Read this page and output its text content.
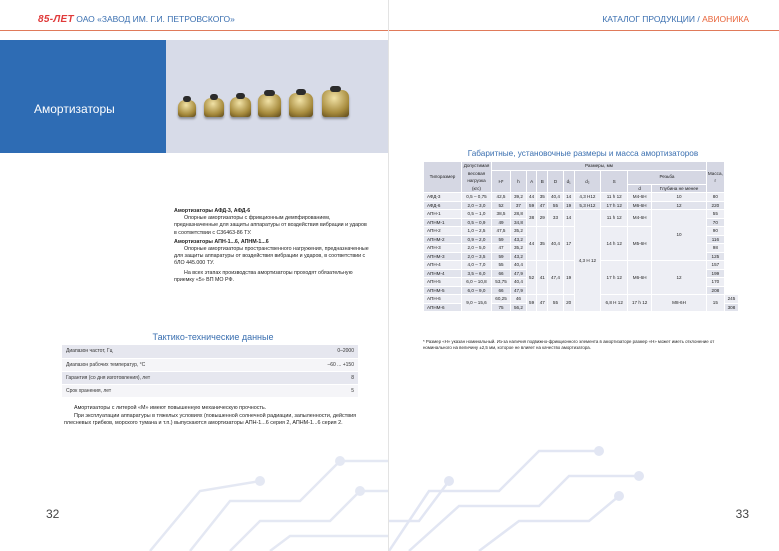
85-ЛЕТ ОАО «ЗАВОД ИМ. Г.И. ПЕТРОВСКОГО»
Амортизаторы
Амортизаторы АФД-3, АФД-6

Опорные амортизаторы с фрикционным демпфированием, предназначенные для защиты аппаратуры от воздействия вибрации и ударов в соответствии с С36463-86 ТУ.

Амортизаторы АПН-1...6, АПНМ-1...6

Опорные амортизаторы пространственного нагружения, предназначенные для защиты аппаратуры от воздействия вибрации и ударов, в соответствии с бЛО 445.000 ТУ.

На всех этапах производства амортизаторы проходят обязательную приемку «5» ВП МО РФ.

Тактико-технические данные
Диапазон частот, Гц	0–2000
Диапазон рабочих температур, °С	–60 ... +150
Гарантия (со дня изготовления), лет	8
Срок хранения, лет	5

Амортизаторы с литерой «М» имеют повышенную механическую прочность.

При эксплуатации аппаратуры в тяжелых условиях (повышенной солнечной радиации, запыленности, действия плесневых грибков, морского тумана и т.п.) выпускаются амортизаторы АПН-1...6 серия 2, АПНМ-1...6 серия 2.

32
КАТАЛОГ ПРОДУКЦИИ / АВИОНИКА
Габаритные, установочные размеры и масса амортизаторов
Типоразмер	Допустимая весовая нагрузка (кгс)	Размеры, мм										Масса, г	
		H*	h	A	B	D	d₁	d₂	S	Резьба			
										d	Глубина не менее		
АФД-3	0,5 – 0,75	42,5	39,2	44	35	40,4	14	4,3 H12	11 h 12	M4-6H	10	80	
АФД-6	2,0 – 3,0	52	37	59	47	55	19	5,3 H12	17 h 12	M6-6H	12	220	
АПН-1	0,5 – 1,0	38,5	28,8	38	29	33	14	4,3 H 12	11 h 12	M4-6H	10	55	
АПНМ-1	0,5 – 0,9	49	34,8									70	
АПН-2	1,0 – 2,5	47,5	35,2	44	35	40,4	17		14 h 12	M5-6H		90	
АПНМ-2	0,9 – 2,0	59	43,2									116	
АПН-3	2,0 – 5,0	47	35,2									98	
АПНМ-3	2,0 – 3,5	59	43,2									125	
АПН-4	4,0 – 7,0	55	40,4	52	41	47,4	19		17 h 12	M6-6H	12	157	
АПНМ-4	3,5 – 6,0	66	47,9									199	
АПН-5	6,0 – 10,8	53,75	40,4									170	
АПНМ-5	6,0 – 9,0	66	47,9									208	
АПН-6	9,0 – 15,6	60,25	46	59	47	55	20		6,8 H 12	17 h 12	M8-6H	15	245
АПНМ-6		75	56,2										308
* Размер «Н» указан номинальный. Из-за наличия подвижно-фрикционного элемента в амортизаторе размер «Н» может иметь отклонение от номинального на величину ±2,5 мм, которое не влияет на качество амортизатора.
33
